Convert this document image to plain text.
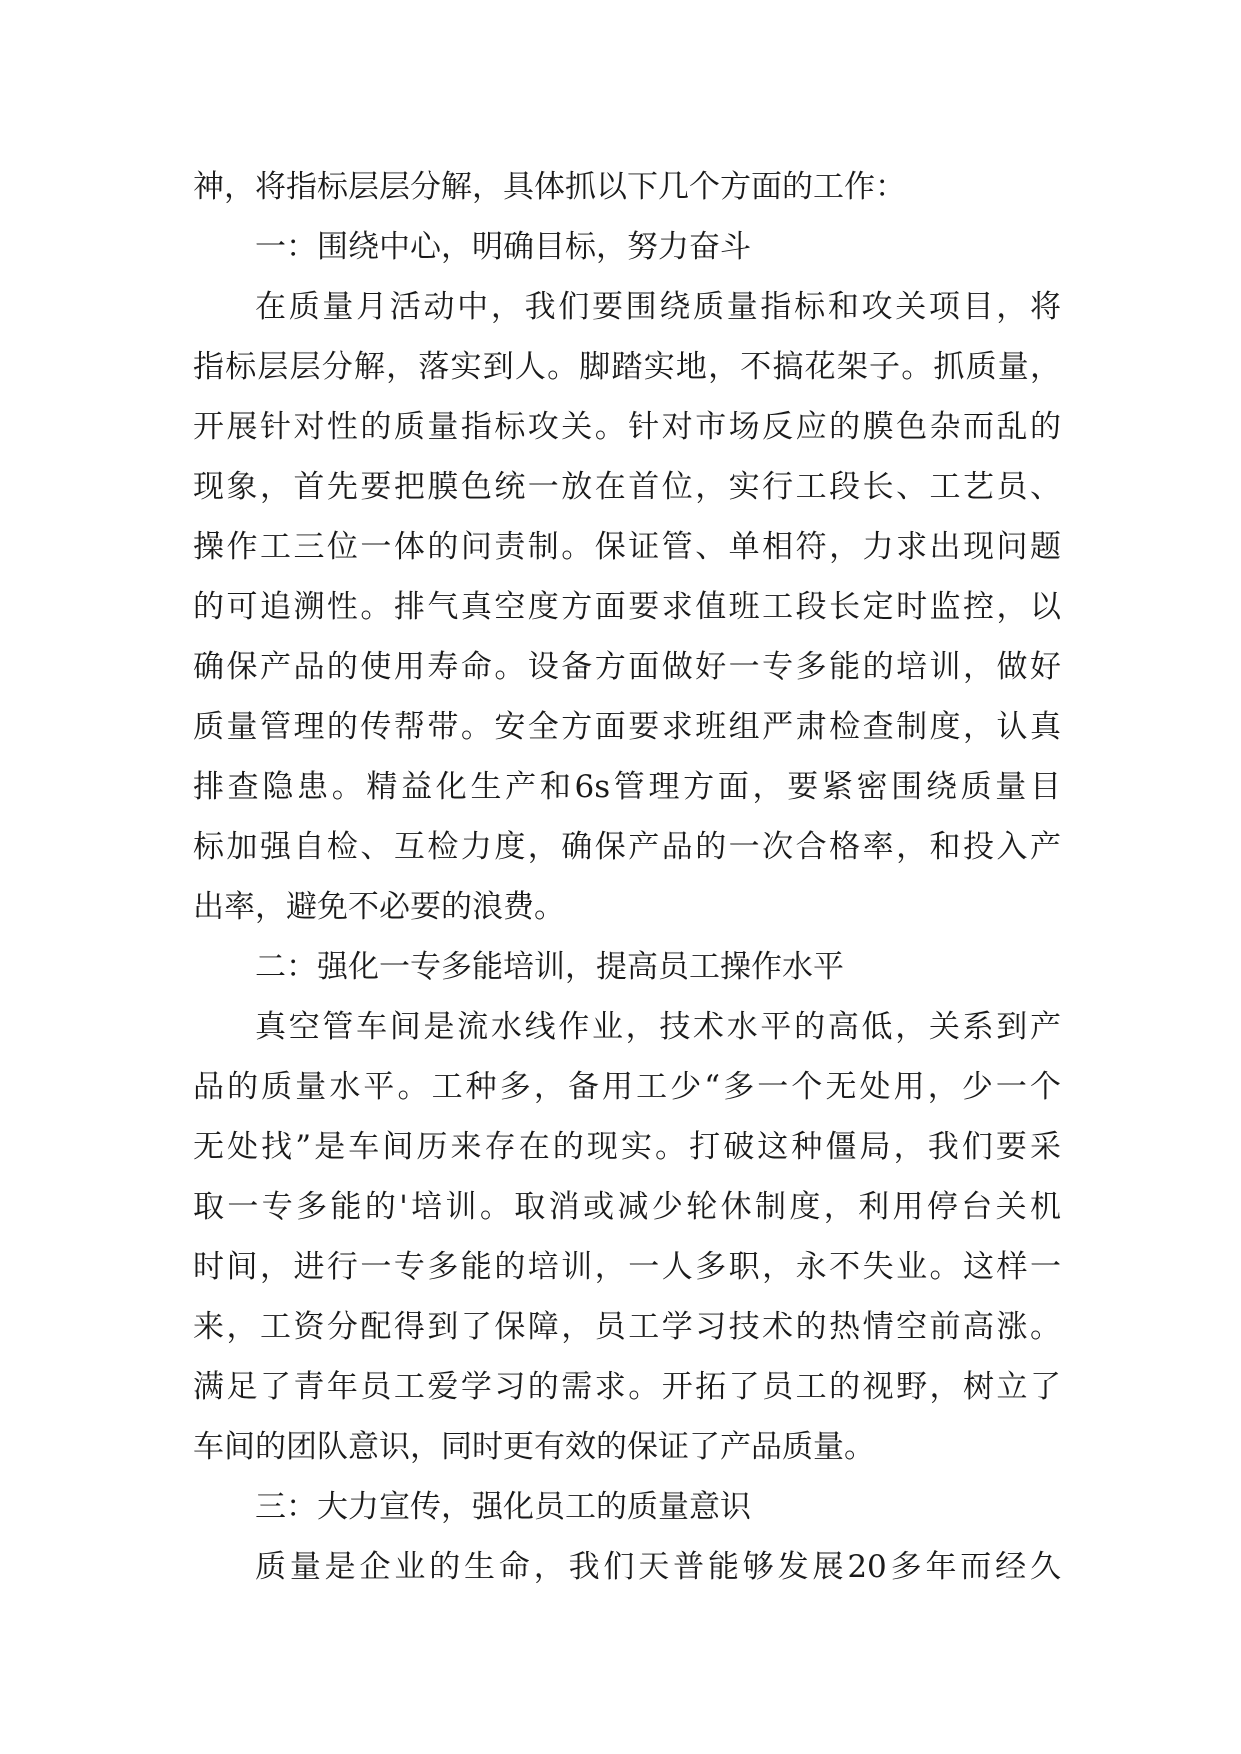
神，将指标层层分解，具体抓以下几个方面的工作：
一：围绕中心，明确目标，努力奋斗
在质量月活动中，我们要围绕质量指标和攻关项目，将
指标层层分解，落实到人。脚踏实地，不搞花架子。抓质量，
开展针对性的质量指标攻关。针对市场反应的膜色杂而乱的
现象，首先要把膜色统一放在首位，实行工段长、工艺员、
操作工三位一体的问责制。保证管、单相符，力求出现问题
的可追溯性。排气真空度方面要求值班工段长定时监控，以
确保产品的使用寿命。设备方面做好一专多能的培训，做好
质量管理的传帮带。安全方面要求班组严肃检查制度，认真
排查隐患。精益化生产和6s管理方面，要紧密围绕质量目
标加强自检、互检力度，确保产品的一次合格率，和投入产
出率，避免不必要的浪费。
二：强化一专多能培训，提高员工操作水平
真空管车间是流水线作业，技术水平的高低，关系到产
品的质量水平。工种多，备用工少“多一个无处用，少一个
无处找”是车间历来存在的现实。打破这种僵局，我们要采
取一专多能的'培训。取消或减少轮休制度，利用停台关机
时间，进行一专多能的培训，一人多职，永不失业。这样一
来，工资分配得到了保障，员工学习技术的热情空前高涨。
满足了青年员工爱学习的需求。开拓了员工的视野，树立了
车间的团队意识，同时更有效的保证了产品质量。
三：大力宣传，强化员工的质量意识
质量是企业的生命，我们天普能够发展20多年而经久
